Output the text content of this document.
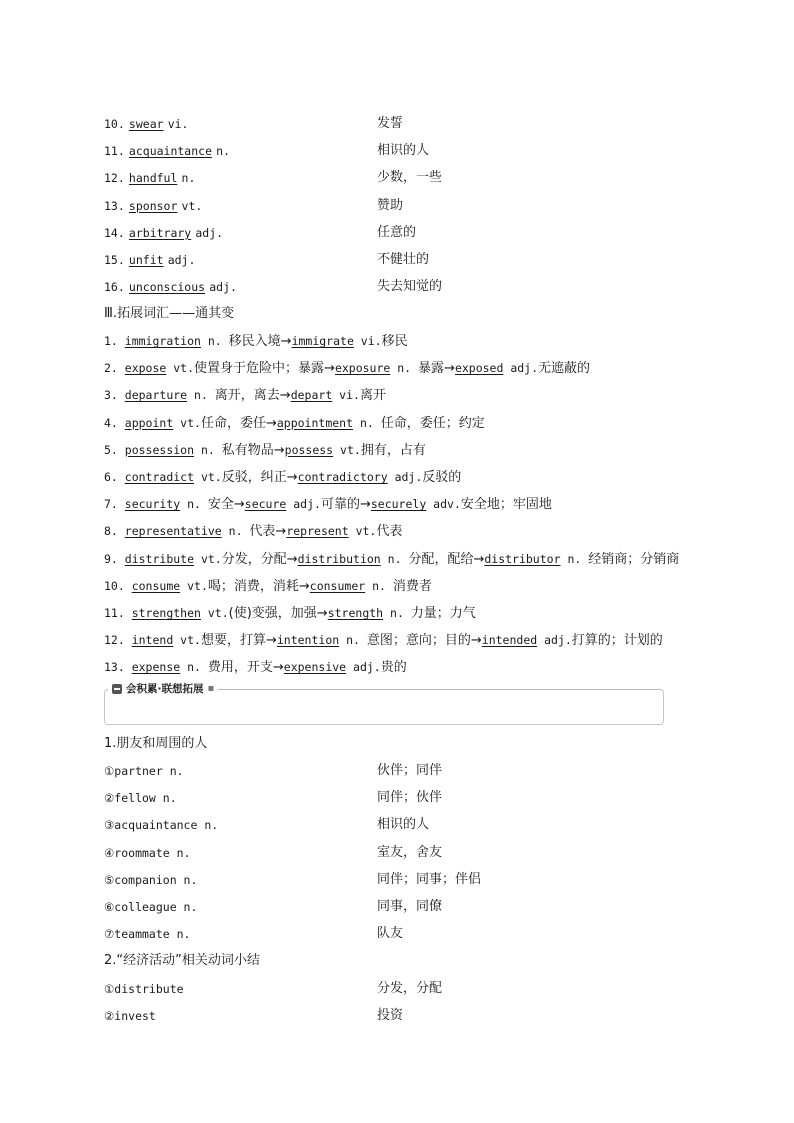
10. swear vi.	发誓
11. acquaintance n.	相识的人
12. handful n.	少数，一些
13. sponsor vt.	赞助
14. arbitrary adj.	任意的
15. unfit adj.	不健壮的
16. unconscious adj.	失去知觉的
Ⅲ.拓展词汇——通其变
1. immigration n. 移民入境→immigrate vi.移民
2. expose vt.使置身于危险中；暴露→exposure n. 暴露→exposed adj.无遮蔽的
3. departure n. 离开，离去→depart vi.离开
4. appoint vt.任命，委任→appointment n. 任命，委任；约定
5. possession n. 私有物品→possess vt.拥有，占有
6. contradict vt.反驳，纠正→contradictory adj.反驳的
7. security n. 安全→secure adj.可靠的→securely adv.安全地；牢固地
8. representative n. 代表→represent vt.代表
9. distribute vt.分发，分配→distribution n. 分配，配给→distributor n. 经销商；分销商
10. consume vt.喝；消费，消耗→consumer n. 消费者
11. strengthen vt.(使)变强，加强→strength n. 力量；力气
12. intend vt.想要，打算→intention n. 意图；意向；目的→intended adj.打算的；计划的
13. expense n. 费用，开支→expensive adj.贵的
1.朋友和周围的人
①partner n.	伙伴；同伴
②fellow n.	同伴；伙伴
③acquaintance n.	相识的人
④roommate n.	室友，舍友
⑤companion n.	同伴；同事；伴侣
⑥colleague n.	同事，同僚
⑦teammate n.	队友
2.“经济活动”相关动词小结
①distribute	分发，分配
②invest	投资
会积累·联想拓展 ▪
